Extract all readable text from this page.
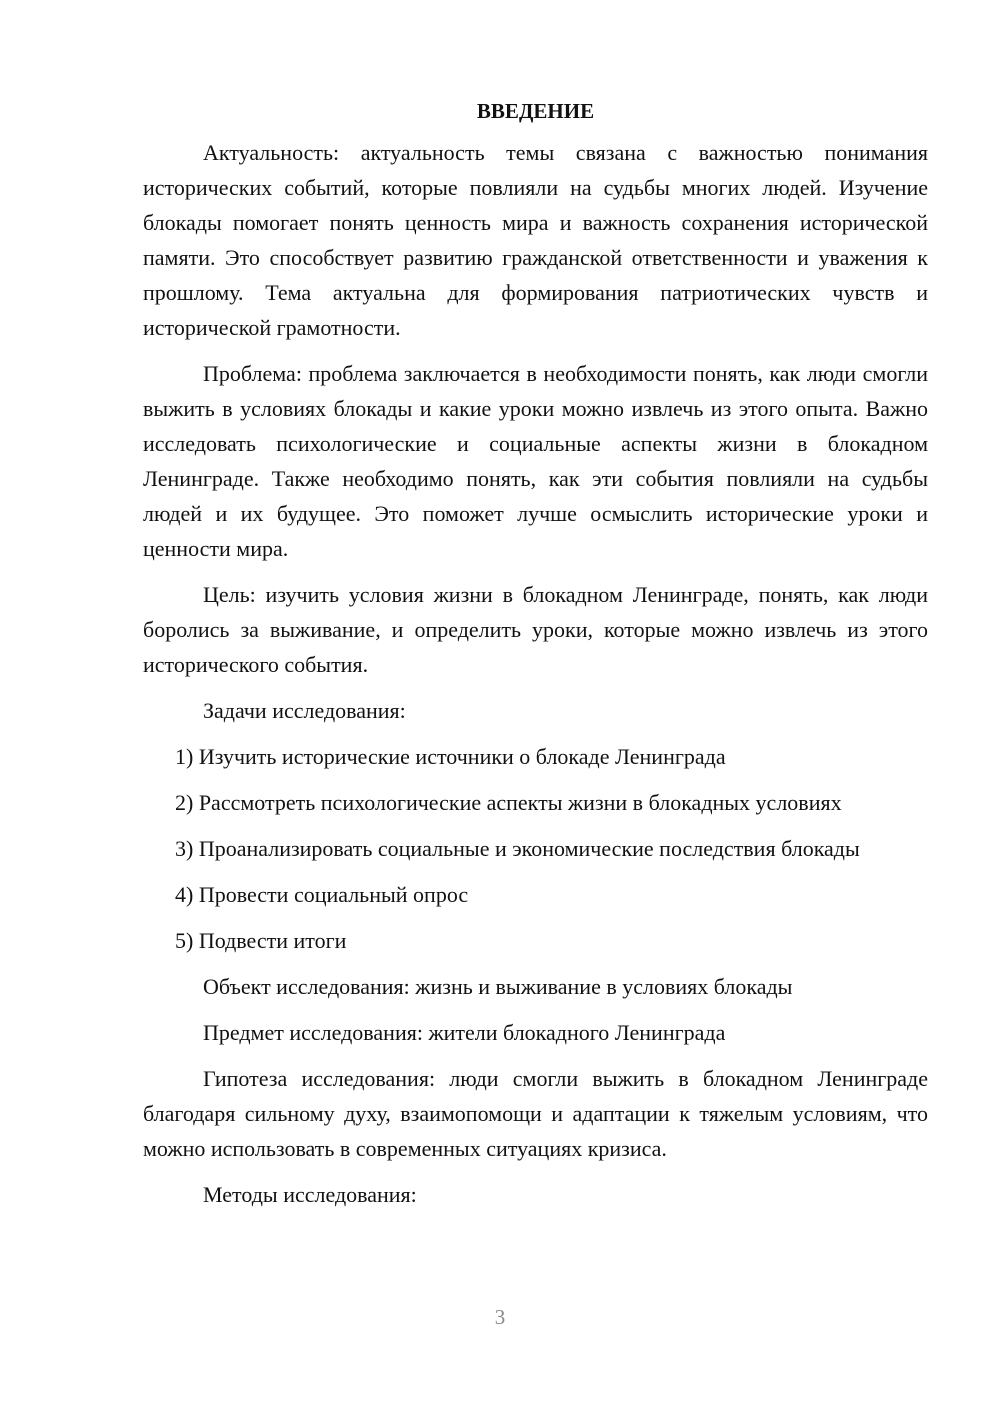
ВВЕДЕНИЕ

Актуальность: актуальность темы связана с важностью понимания исторических событий, которые повлияли на судьбы многих людей. Изучение блокады помогает понять ценность мира и важность сохранения исторической памяти. Это способствует развитию гражданской ответственности и уважения к прошлому. Тема актуальна для формирования патриотических чувств и исторической грамотности.

Проблема: проблема заключается в необходимости понять, как люди смогли выжить в условиях блокады и какие уроки можно извлечь из этого опыта. Важно исследовать психологические и социальные аспекты жизни в блокадном Ленинграде. Также необходимо понять, как эти события повлияли на судьбы людей и их будущее. Это поможет лучше осмыслить исторические уроки и ценности мира.

Цель: изучить условия жизни в блокадном Ленинграде, понять, как люди боролись за выживание, и определить уроки, которые можно извлечь из этого исторического события.

Задачи исследования:

1) Изучить исторические источники о блокаде Ленинграда

2) Рассмотреть психологические аспекты жизни в блокадных условиях

3) Проанализировать социальные и экономические последствия блокады

4) Провести социальный опрос

5) Подвести итоги

Объект исследования: жизнь и выживание в условиях блокады

Предмет исследования: жители блокадного Ленинграда

Гипотеза исследования: люди смогли выжить в блокадном Ленинграде благодаря сильному духу, взаимопомощи и адаптации к тяжелым условиям, что можно использовать в современных ситуациях кризиса.

Методы исследования:

3
